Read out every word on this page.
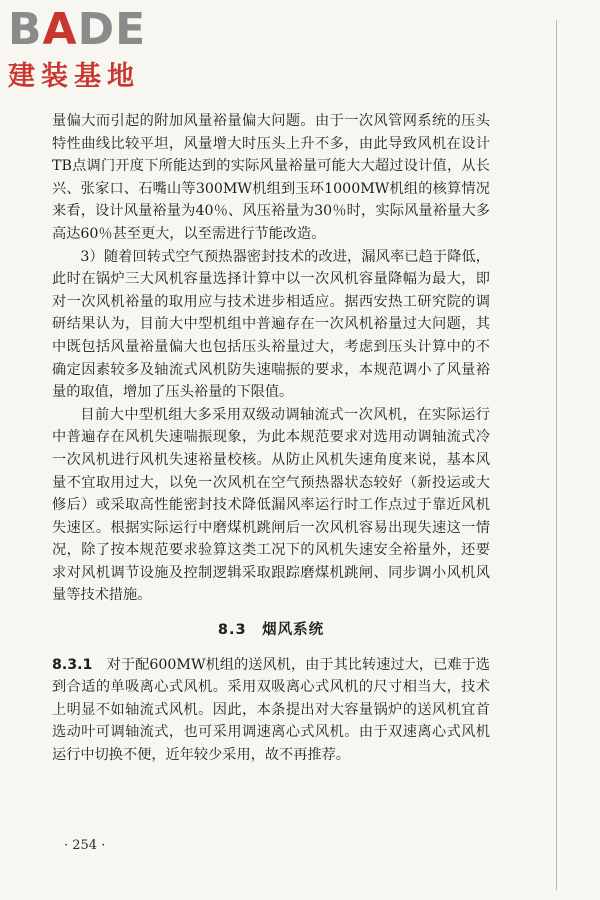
BADE
建装基地

量偏大而引起的附加风量裕量偏大问题。由于一次风管网系统的压头特性曲线比较平坦，风量增大时压头上升不多，由此导致风机在设计TB点调门开度下所能达到的实际风量裕量可能大大超过设计值，从长兴、张家口、石嘴山等300MW机组到玉环1000MW机组的核算情况来看，设计风量裕量为40％、风压裕量为30％时，实际风量裕量大多高达60％甚至更大，以至需进行节能改造。

3）随着回转式空气预热器密封技术的改进，漏风率已趋于降低，此时在锅炉三大风机容量选择计算中以一次风机容量降幅为最大，即对一次风机裕量的取用应与技术进步相适应。据西安热工研究院的调研结果认为，目前大中型机组中普遍存在一次风机裕量过大问题，其中既包括风量裕量偏大也包括压头裕量过大，考虑到压头计算中的不确定因素较多及轴流式风机防失速喘振的要求，本规范调小了风量裕量的取值，增加了压头裕量的下限值。

目前大中型机组大多采用双级动调轴流式一次风机，在实际运行中普遍存在风机失速喘振现象，为此本规范要求对选用动调轴流式冷一次风机进行风机失速裕量校核。从防止风机失速角度来说，基本风量不宜取用过大，以免一次风机在空气预热器状态较好（新投运或大修后）或采取高性能密封技术降低漏风率运行时工作点过于靠近风机失速区。根据实际运行中磨煤机跳闸后一次风机容易出现失速这一情况，除了按本规范要求验算这类工况下的风机失速安全裕量外，还要求对风机调节设施及控制逻辑采取跟踪磨煤机跳闸、同步调小风机风量等技术措施。

8.3　烟风系统

8.3.1　 对于配600MW机组的送风机，由于其比转速过大，已难于选到合适的单吸离心式风机。采用双吸离心式风机的尺寸相当大，技术上明显不如轴流式风机。因此，本条提出对大容量锅炉的送风机宜首选动叶可调轴流式，也可采用调速离心式风机。由于双速离心式风机运行中切换不便，近年较少采用，故不再推荐。

· 254 ·
